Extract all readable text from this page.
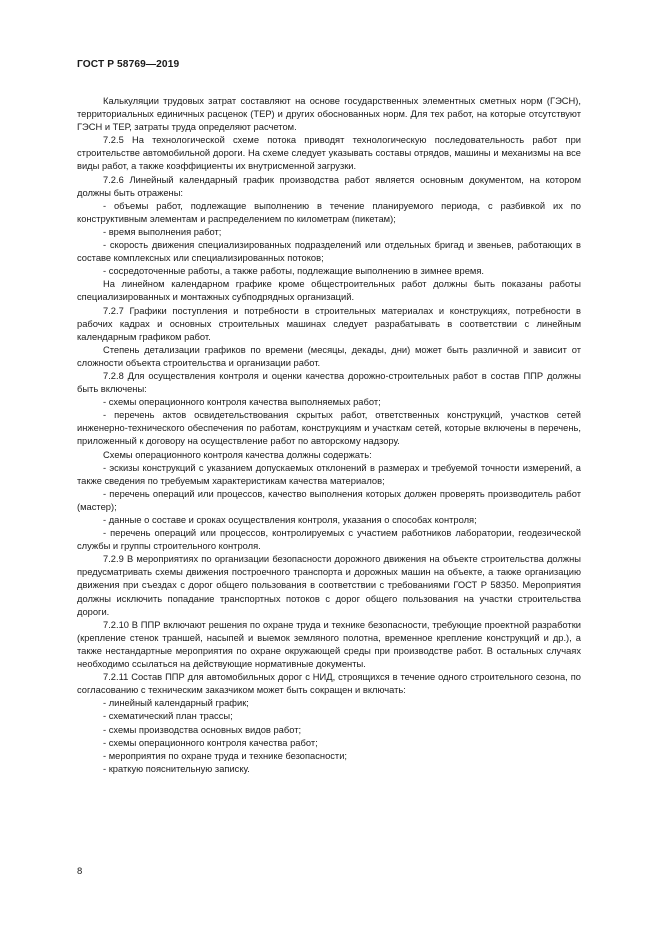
ГОСТ Р 58769—2019

Калькуляции трудовых затрат составляют на основе государственных элементных сметных норм (ГЭСН), территориальных единичных расценок (ТЕР) и других обоснованных норм. Для тех работ, на которые отсутствуют ГЭСН и ТЕР, затраты труда определяют расчетом.

7.2.5 На технологической схеме потока приводят технологическую последовательность работ при строительстве автомобильной дороги. На схеме следует указывать составы отрядов, машины и механизмы на все виды работ, а также коэффициенты их внутрисменной загрузки.

7.2.6 Линейный календарный график производства работ является основным документом, на котором должны быть отражены:

- объемы работ, подлежащие выполнению в течение планируемого периода, с разбивкой их по конструктивным элементам и распределением по километрам (пикетам);

- время выполнения работ;

- скорость движения специализированных подразделений или отдельных бригад и звеньев, работающих в составе комплексных или специализированных потоков;

- сосредоточенные работы, а также работы, подлежащие выполнению в зимнее время.

На линейном календарном графике кроме общестроительных работ должны быть показаны работы специализированных и монтажных субподрядных организаций.

7.2.7 Графики поступления и потребности в строительных материалах и конструкциях, потребности в рабочих кадрах и основных строительных машинах следует разрабатывать в соответствии с линейным календарным графиком работ.

Степень детализации графиков по времени (месяцы, декады, дни) может быть различной и зависит от сложности объекта строительства и организации работ.

7.2.8 Для осуществления контроля и оценки качества дорожно-строительных работ в состав ППР должны быть включены:

- схемы операционного контроля качества выполняемых работ;

- перечень актов освидетельствования скрытых работ, ответственных конструкций, участков сетей инженерно-технического обеспечения по работам, конструкциям и участкам сетей, которые включены в перечень, приложенный к договору на осуществление работ по авторскому надзору.

Схемы операционного контроля качества должны содержать:

- эскизы конструкций с указанием допускаемых отклонений в размерах и требуемой точности измерений, а также сведения по требуемым характеристикам качества материалов;

- перечень операций или процессов, качество выполнения которых должен проверять производитель работ (мастер);

- данные о составе и сроках осуществления контроля, указания о способах контроля;

- перечень операций или процессов, контролируемых с участием работников лаборатории, геодезической службы и группы строительного контроля.

7.2.9 В мероприятиях по организации безопасности дорожного движения на объекте строительства должны предусматривать схемы движения построечного транспорта и дорожных машин на объекте, а также организацию движения при съездах с дорог общего пользования в соответствии с требованиями ГОСТ Р 58350. Мероприятия должны исключить попадание транспортных потоков с дорог общего пользования на участки строительства дороги.

7.2.10 В ППР включают решения по охране труда и технике безопасности, требующие проектной разработки (крепление стенок траншей, насыпей и выемок земляного полотна, временное крепление конструкций и др.), а также нестандартные мероприятия по охране окружающей среды при производстве работ. В остальных случаях необходимо ссылаться на действующие нормативные документы.

7.2.11 Состав ППР для автомобильных дорог с НИД, строящихся в течение одного строительного сезона, по согласованию с техническим заказчиком может быть сокращен и включать:

- линейный календарный график;

- схематический план трассы;

- схемы производства основных видов работ;

- схемы операционного контроля качества работ;

- мероприятия по охране труда и технике безопасности;

- краткую пояснительную записку.

8
